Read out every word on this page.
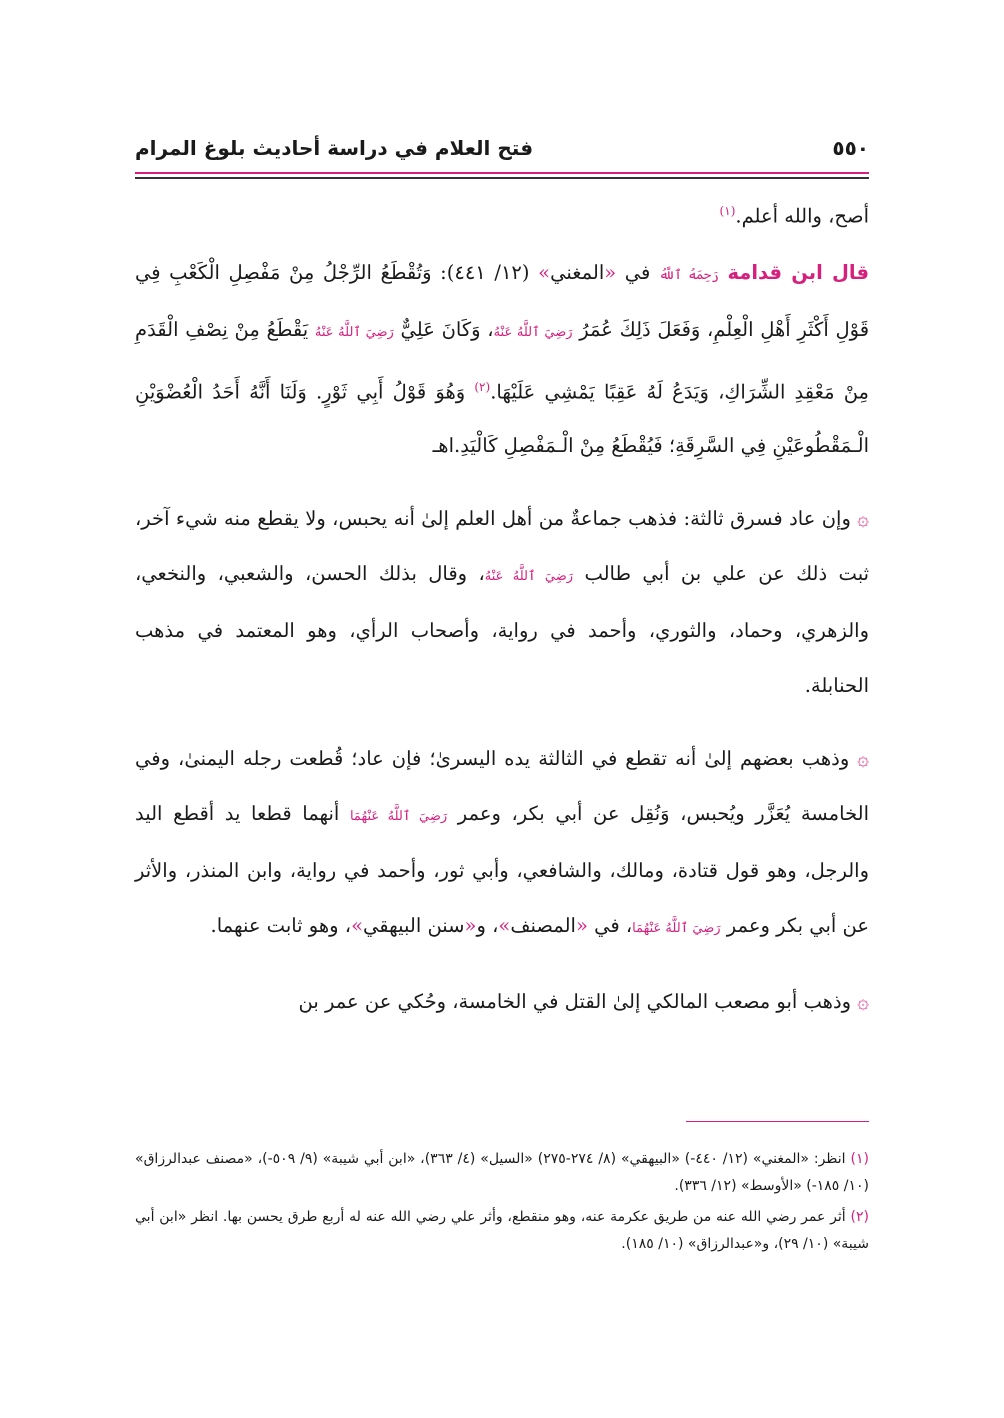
٥٥٠
فتح العلام في دراسة أحاديث بلوغ المرام

أصح، والله أعلم.$^{(١)}$

قال ابن قدامة رَحِمَهُ ٱللَّهُ في «المغني» (١٢/ ٤٤١): وَتُقْطَعُ الرِّجْلُ مِنْ مَفْصِلِ الْكَعْبِ فِي قَوْلِ أَكْثَرِ أَهْلِ الْعِلْمِ، وَفَعَلَ ذَلِكَ عُمَرُ رَضِيَ ٱللَّهُ عَنْهُ، وَكَانَ عَلِيٌّ رَضِيَ ٱللَّهُ عَنْهُ يَقْطَعُ مِنْ نِصْفِ الْقَدَمِ مِنْ مَعْقِدِ الشِّرَاكِ، وَيَدَعُ لَهُ عَقِبًا يَمْشِي عَلَيْهَا.$^{(٢)}$ وَهُوَ قَوْلُ أَبِي ثَوْرٍ. وَلَنَا أَنَّهُ أَحَدُ الْعُضْوَيْنِ الْـمَقْطُوعَيْنِ فِي السَّرِقَةِ؛ فَيُقْطَعُ مِنْ الْـمَفْصِلِ كَالْيَدِ.اهـ

۞ وإن عاد فسرق ثالثة: فذهب جماعةٌ من أهل العلم إلىٰ أنه يحبس، ولا يقطع منه شيء آخر، ثبت ذلك عن علي بن أبي طالب رَضِيَ ٱللَّهُ عَنْهُ، وقال بذلك الحسن، والشعبي، والنخعي، والزهري، وحماد، والثوري، وأحمد في رواية، وأصحاب الرأي، وهو المعتمد في مذهب الحنابلة.

۞ وذهب بعضهم إلىٰ أنه تقطع في الثالثة يده اليسرىٰ؛ فإن عاد؛ قُطعت رجله اليمنىٰ، وفي الخامسة يُعَزَّر ويُحبس، وَنُقِل عن أبي بكر، وعمر رَضِيَ ٱللَّهُ عَنْهُمَا أنهما قطعا يد أقطع اليد والرجل، وهو قول قتادة، ومالك، والشافعي، وأبي ثور، وأحمد في رواية، وابن المنذر، والأثر عن أبي بكر وعمر رَضِيَ ٱللَّهُ عَنْهُمَا، في «المصنف»، و«سنن البيهقي»، وهو ثابت عنهما.

۞ وذهب أبو مصعب المالكي إلىٰ القتل في الخامسة، وحُكي عن عمر بن

(١) انظر: «المغني» (١٢/ ٤٤٠-) «البيهقي» (٨/ ٢٧٤-٢٧٥) «السيل» (٤/ ٣٦٣)، «ابن أبي شيبة» (٩/ ٥٠٩-)، «مصنف عبدالرزاق» (١٠/ ١٨٥-) «الأوسط» (١٢/ ٣٣٦).

(٢) أثر عمر رضي الله عنه من طريق عكرمة عنه، وهو منقطع، وأثر علي رضي الله عنه له أربع طرق يحسن بها. انظر «ابن أبي شيبة» (١٠/ ٢٩)، و«عبدالرزاق» (١٠/ ١٨٥).
